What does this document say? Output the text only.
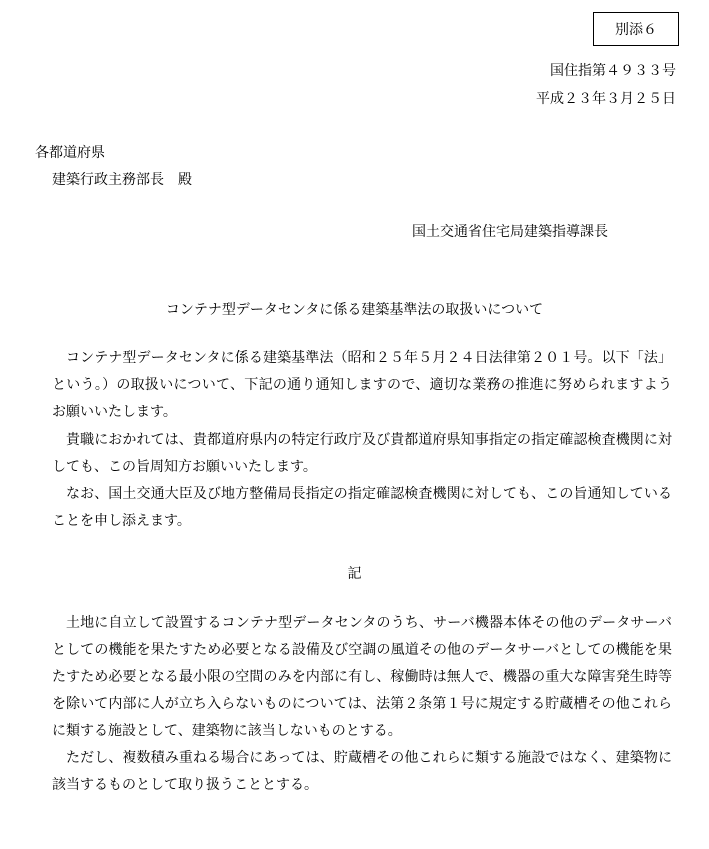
別添６

国住指第４９３３号

平成２３年３月２５日

各都道府県

建築行政主務部長　殿

国土交通省住宅局建築指導課長

コンテナ型データセンタに係る建築基準法の取扱いについて

コンテナ型データセンタに係る建築基準法（昭和２５年５月２４日法律第２０１号。以下「法」という。）の取扱いについて、下記の通り通知しますので、適切な業務の推進に努められますようお願いいたします。

貴職におかれては、貴都道府県内の特定行政庁及び貴都道府県知事指定の指定確認検査機関に対しても、この旨周知方お願いいたします。

なお、国土交通大臣及び地方整備局長指定の指定確認検査機関に対しても、この旨通知していることを申し添えます。

記

土地に自立して設置するコンテナ型データセンタのうち、サーバ機器本体その他のデータサーバとしての機能を果たすため必要となる設備及び空調の風道その他のデータサーバとしての機能を果たすため必要となる最小限の空間のみを内部に有し、稼働時は無人で、機器の重大な障害発生時等を除いて内部に人が立ち入らないものについては、法第２条第１号に規定する貯蔵槽その他これらに類する施設として、建築物に該当しないものとする。

ただし、複数積み重ねる場合にあっては、貯蔵槽その他これらに類する施設ではなく、建築物に該当するものとして取り扱うこととする。
